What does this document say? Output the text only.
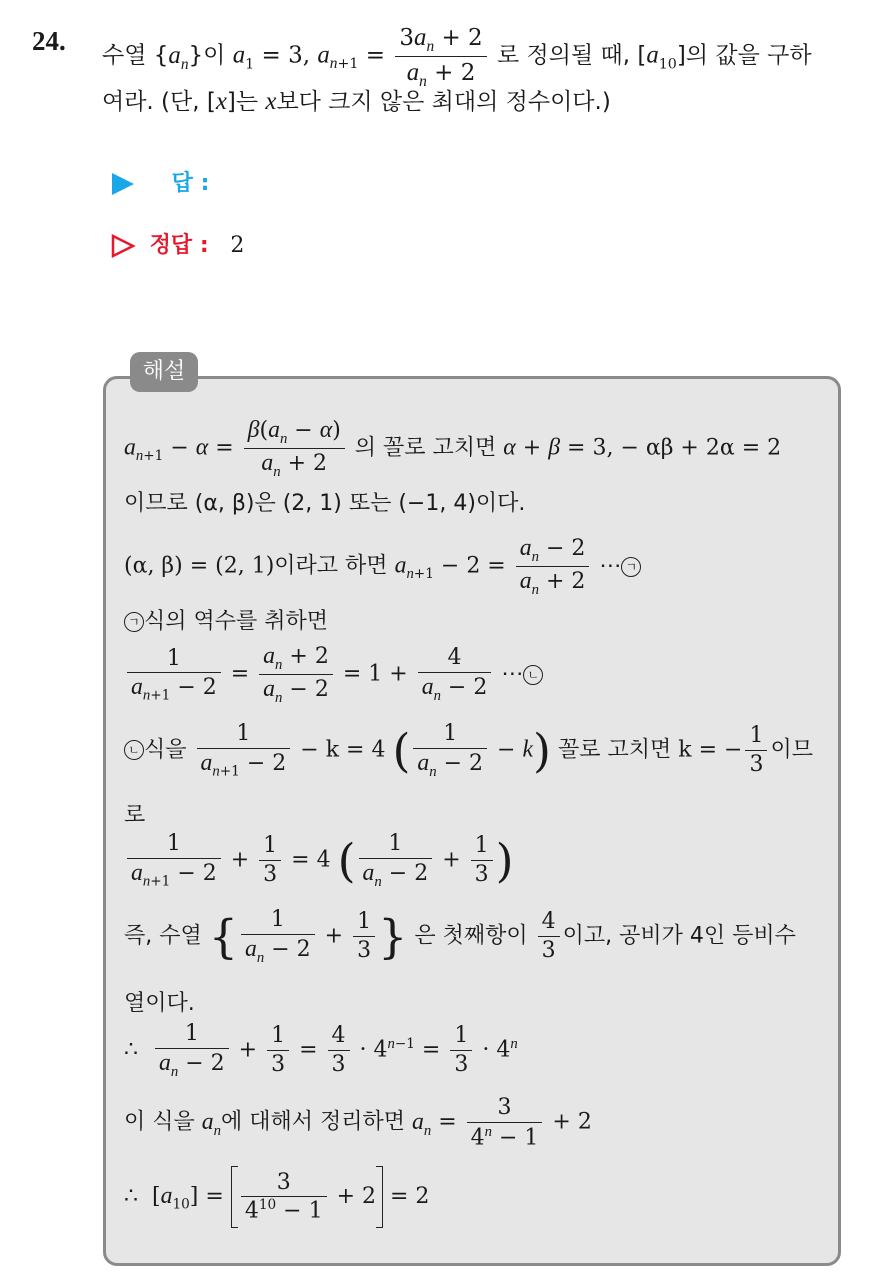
24. 수열 $\{a_n\}$이 $a_1 = 3$, $a_{n+1} = \frac{3a_n + 2}{a_n + 2}$ 로 정의될 때, $[a_{10}]$의 값을 구하
여라. (단, [x]는 x보다 크지 않은 최대의 정수이다.)
답 :
정답 : 2
해설
$a_{n+1} - \alpha = \frac{\beta(a_n - \alpha)}{a_n + 2}$ 의 꼴로 고치면 α + β = 3, − αβ + 2α = 2
이므로 (α, β)은 (2, 1) 또는 (−1, 4)이다.
(α, β) = (2, 1)이라고 하면 $a_{n+1} - 2 = \frac{a_n - 2}{a_n + 2}$ ⋯ ㄱ
ㄱ 식의 역수를 취하면
$\frac{1}{a_{n+1} - 2} = \frac{a_n + 2}{a_n - 2} = 1 + \frac{4}{a_n - 2}$ ⋯ ㄴ
ㄴ 식을 $\frac{1}{a_{n+1} - 2} - k = 4$ ( $\frac{1}{a_n - 2} - k$) 꼴로 고치면 k = − $\frac{1}{3}$ 이므
로
$\frac{1}{a_{n+1} - 2} + \frac{1}{3} = 4$ ( $\frac{1}{a_n - 2} + \frac{1}{3}$ )
즉, 수열 { $\frac{1}{a_n - 2} + \frac{1}{3}$ } 은 첫째항이 $\frac{4}{3}$ 이고, 공비가 4인 등비수
열이다.
∴ $\frac{1}{a_n - 2} + \frac{1}{3} = \frac{4}{3} \cdot 4^{n-1} = \frac{1}{3} \cdot 4^n$
이 식을 $a_n$에 대해서 정리하면 $a_n = \frac{3}{4^n - 1} + 2$
∴  $[a_{10}] = \frac{3}{4^{10} - 1} + 2 = 2$
